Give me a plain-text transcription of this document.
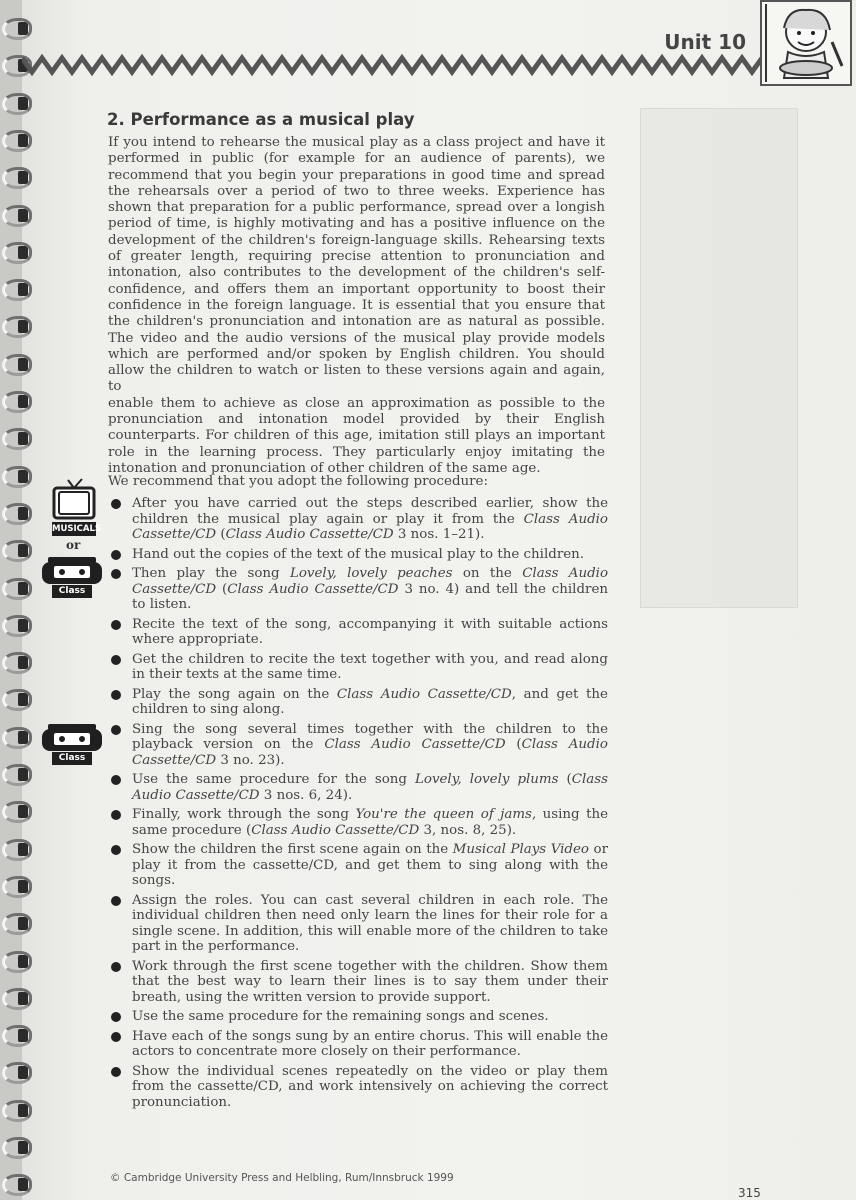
Unit 10
2. Performance as a musical play
If you intend to rehearse the musical play as a class project and have it
performed in public (for example for an audience of parents), we
recommend that you begin your preparations in good time and spread
the rehearsals over a period of two to three weeks. Experience has
shown that preparation for a public performance, spread over a longish
period of time, is highly motivating and has a positive influence on the
development of the children's foreign-language skills. Rehearsing texts
of greater length, requiring precise attention to pronunciation and
intonation, also contributes to the development of the children's self-
confidence, and offers them an important opportunity to boost their
confidence in the foreign language. It is essential that you ensure that
the children's pronunciation and intonation are as natural as possible.
The video and the audio versions of the musical play provide models
which are performed and/or spoken by English children. You should
allow the children to watch or listen to these versions again and again, to
enable them to achieve as close an approximation as possible to the
pronunciation and intonation model provided by their English
counterparts. For children of this age, imitation still plays an important
role in the learning process. They particularly enjoy imitating the
intonation and pronunciation of other children of the same age.
MUSICALS
or
Class
Class

We recommend that you adopt the following procedure:

After you have carried out the steps described earlier, show the children the musical play again or play it from the Class Audio Cassette/CD (Class Audio Cassette/CD 3 nos. 1–21).
Hand out the copies of the text of the musical play to the children.
Then play the song Lovely, lovely peaches on the Class Audio Cassette/CD (Class Audio Cassette/CD 3 no. 4) and tell the children to listen.
Recite the text of the song, accompanying it with suitable actions where appropriate.
Get the children to recite the text together with you, and read along in their texts at the same time.
Play the song again on the Class Audio Cassette/CD, and get the children to sing along.
Sing the song several times together with the children to the playback version on the Class Audio Cassette/CD (Class Audio Cassette/CD 3 no. 23).
Use the same procedure for the song Lovely, lovely plums (Class Audio Cassette/CD 3 nos. 6, 24).
Finally, work through the song You're the queen of jams, using the same procedure (Class Audio Cassette/CD 3, nos. 8, 25).
Show the children the first scene again on the Musical Plays Video or play it from the cassette/CD, and get them to sing along with the songs.
Assign the roles. You can cast several children in each role. The individual children then need only learn the lines for their role for a single scene. In addition, this will enable more of the children to take part in the performance.
Work through the first scene together with the children. Show them that the best way to learn their lines is to say them under their breath, using the written version to provide support.
Use the same procedure for the remaining songs and scenes.
Have each of the songs sung by an entire chorus. This will enable the actors to concentrate more closely on their performance.
Show the individual scenes repeatedly on the video or play them from the cassette/CD, and work intensively on achieving the correct pronunciation.
© Cambridge University Press and Helbling, Rum/Innsbruck 1999
315
